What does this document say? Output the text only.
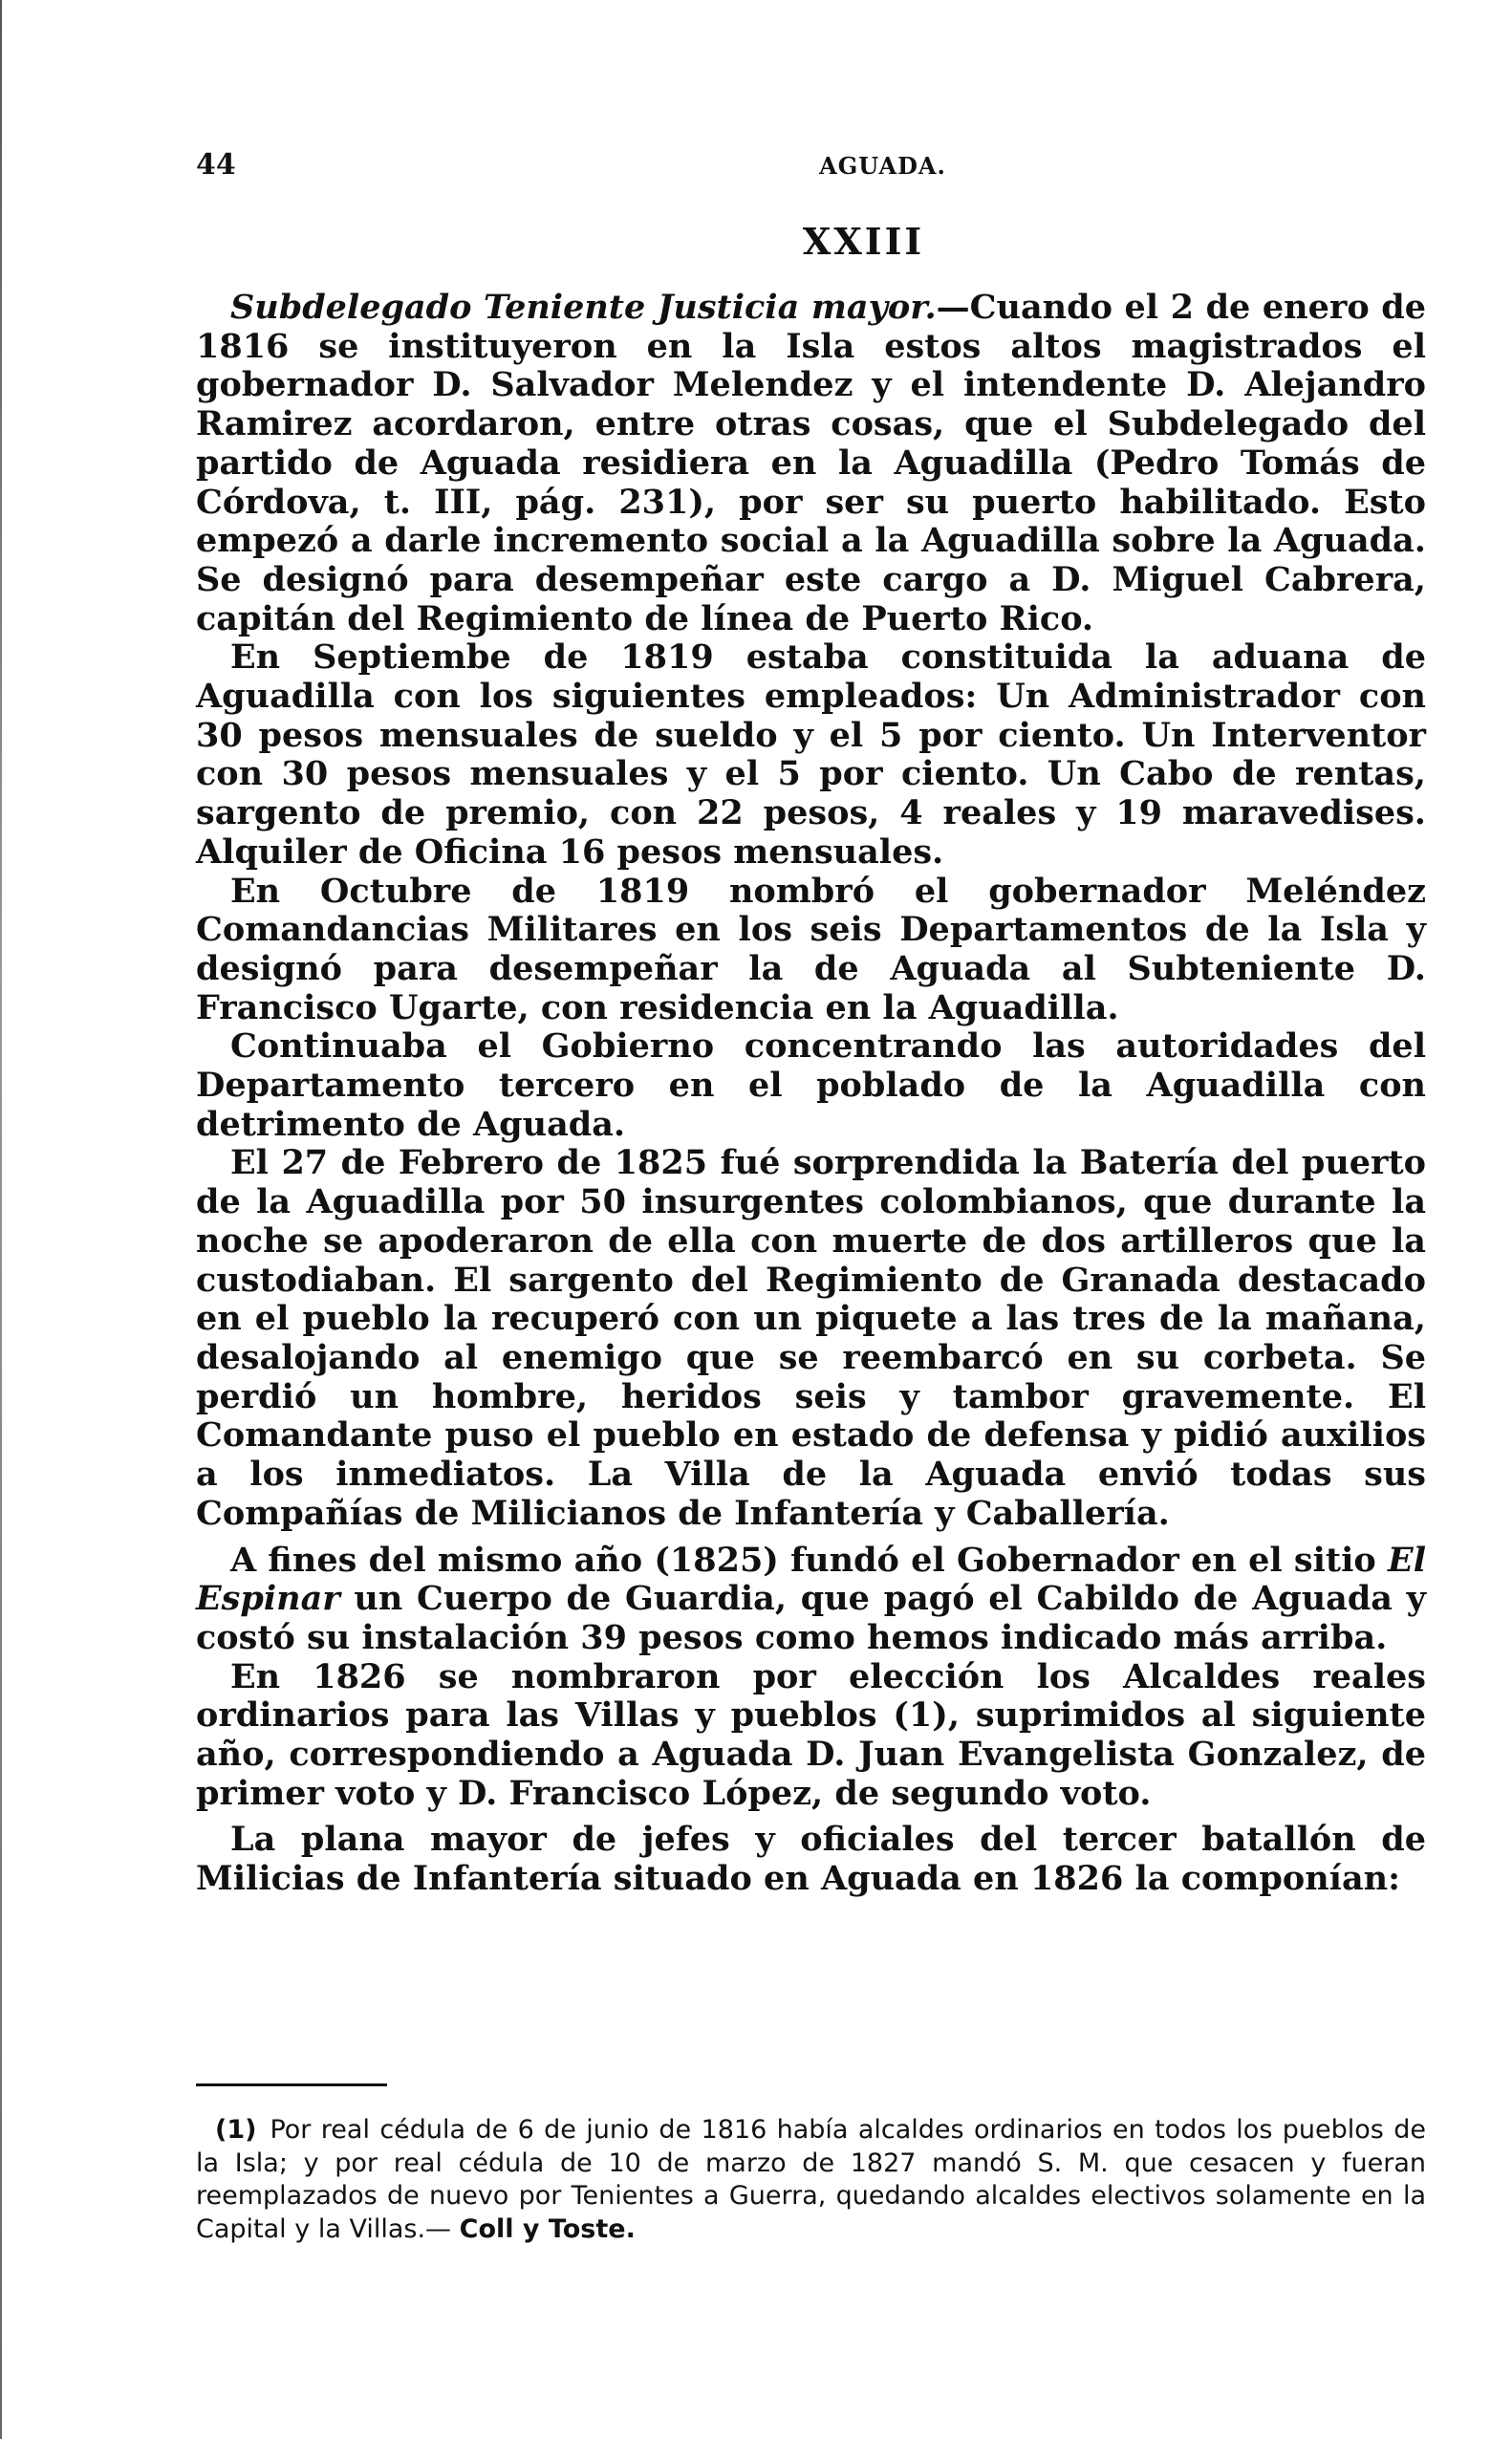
44	AGUADA.
XXIII

Subdelegado Teniente Justicia mayor.—Cuando el 2 de enero de 1816 se instituyeron en la Isla estos altos magistrados el gobernador D. Salvador Melendez y el intendente D. Alejandro Ramirez acordaron, entre otras cosas, que el Subdelegado del partido de Aguada residiera en la Aguadilla (Pedro Tomás de Córdova, t. III, pág. 231), por ser su puerto habilitado. Esto empezó a darle incremento social a la Aguadilla sobre la Aguada. Se designó para desempeñar este cargo a D. Miguel Cabrera, capitán del Regimiento de línea de Puerto Rico.

En Septiembe de 1819 estaba constituida la aduana de Aguadilla con los siguientes empleados: Un Administrador con 30 pesos mensuales de sueldo y el 5 por ciento. Un Interventor con 30 pesos mensuales y el 5 por ciento. Un Cabo de rentas, sargento de premio, con 22 pesos, 4 reales y 19 maravedises. Alquiler de Oficina 16 pesos mensuales.

En Octubre de 1819 nombró el gobernador Meléndez Comandancias Militares en los seis Departamentos de la Isla y designó para desempeñar la de Aguada al Subteniente D. Francisco Ugarte, con residencia en la Aguadilla.

Continuaba el Gobierno concentrando las autoridades del Departamento tercero en el poblado de la Aguadilla con detrimento de Aguada.

El 27 de Febrero de 1825 fué sorprendida la Batería del puerto de la Aguadilla por 50 insurgentes colombianos, que durante la noche se apoderaron de ella con muerte de dos artilleros que la custodiaban. El sargento del Regimiento de Granada destacado en el pueblo la recuperó con un piquete a las tres de la mañana, desalojando al enemigo que se reembarcó en su corbeta. Se perdió un hombre, heridos seis y tambor gravemente. El Comandante puso el pueblo en estado de defensa y pidió auxilios a los inmediatos. La Villa de la Aguada envió todas sus Compañías de Milicianos de Infantería y Caballería.

A fines del mismo año (1825) fundó el Gobernador en el sitio El Espinar un Cuerpo de Guardia, que pagó el Cabildo de Aguada y costó su instalación 39 pesos como hemos indicado más arriba.

En 1826 se nombraron por elección los Alcaldes reales ordinarios para las Villas y pueblos (1), suprimidos al siguiente año, correspondiendo a Aguada D. Juan Evangelista Gonzalez, de primer voto y D. Francisco López, de segundo voto.

La plana mayor de jefes y oficiales del tercer batallón de Milicias de Infantería situado en Aguada en 1826 la componían:

(1) Por real cédula de 6 de junio de 1816 había alcaldes ordinarios en todos los pueblos de la Isla; y por real cédula de 10 de marzo de 1827 mandó S. M. que cesacen y fueran reemplazados de nuevo por Tenientes a Guerra, quedando alcaldes electivos solamente en la Capital y la Villas.— Coll y Toste.
